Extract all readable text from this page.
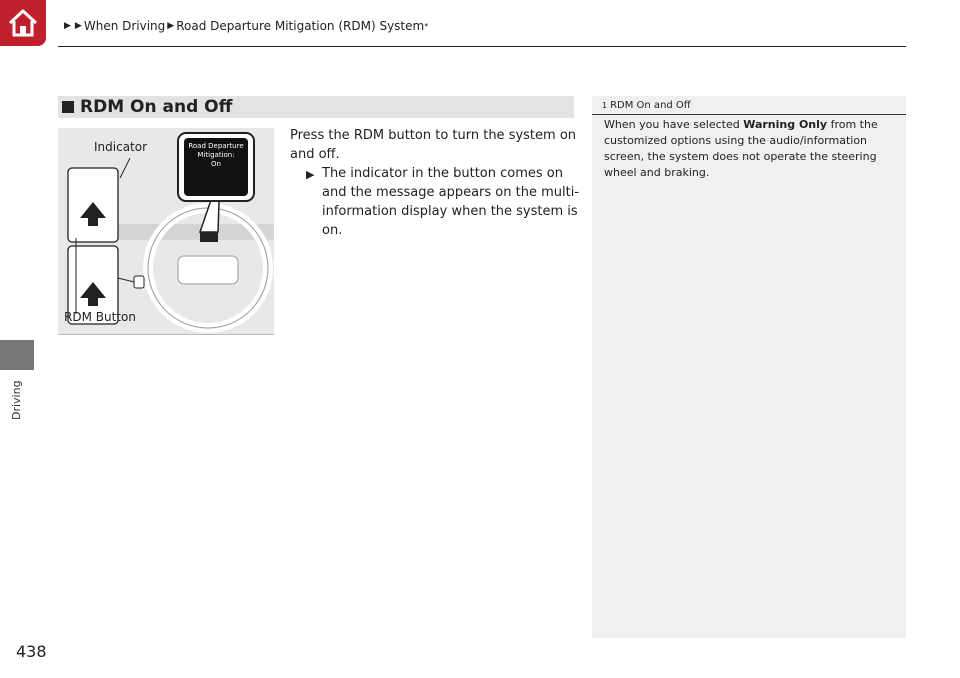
▶ ▶ When Driving ▶ Road Departure Mitigation (RDM) System *
Driving
438
RDM On and Off
Road Departure
Mitigation:
On
Indicator
RDM Button
Press the RDM button to turn the system on and off.
▶ The indicator in the button comes on and the message appears on the multi-information display when the system is on.
1 RDM On and Off
When you have selected Warning Only from the customized options using the audio/information screen, the system does not operate the steering wheel and braking.
